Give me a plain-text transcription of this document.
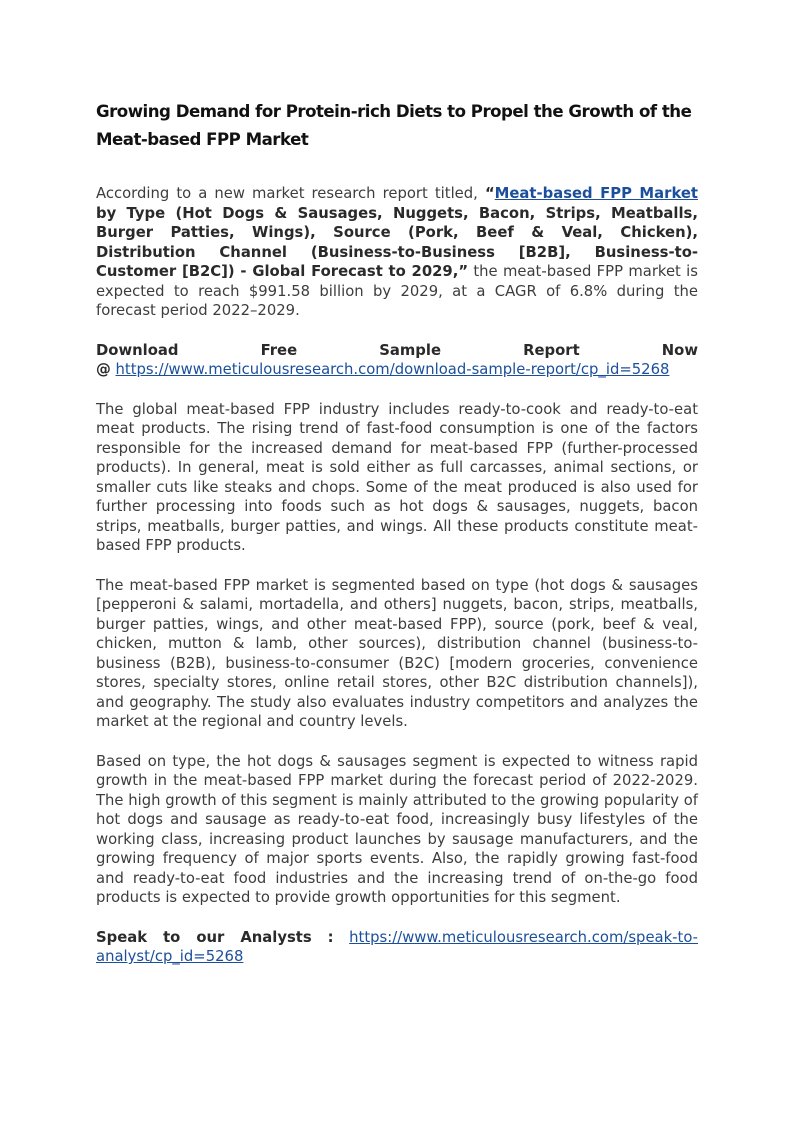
Growing Demand for Protein-rich Diets to Propel the Growth of the Meat-based FPP Market

According to a new market research report titled, “Meat-based FPP Market by Type (Hot Dogs & Sausages, Nuggets, Bacon, Strips, Meatballs, Burger Patties, Wings), Source (Pork, Beef & Veal, Chicken), Distribution Channel (Business-to-Business [B2B], Business-to-Customer [B2C]) - Global Forecast to 2029,” the meat-based FPP market is expected to reach $991.58 billion by 2029, at a CAGR of 6.8% during the forecast period 2022–2029.

Download	Free	Sample	Report	Now
@ https://www.meticulousresearch.com/download-sample-report/cp_id=5268

The global meat-based FPP industry includes ready-to-cook and ready-to-eat meat products. The rising trend of fast-food consumption is one of the factors responsible for the increased demand for meat-based FPP (further-processed products). In general, meat is sold either as full carcasses, animal sections, or smaller cuts like steaks and chops. Some of the meat produced is also used for further processing into foods such as hot dogs & sausages, nuggets, bacon strips, meatballs, burger patties, and wings. All these products constitute meat-based FPP products.

The meat-based FPP market is segmented based on type (hot dogs & sausages [pepperoni & salami, mortadella, and others] nuggets, bacon, strips, meatballs, burger patties, wings, and other meat-based FPP), source (pork, beef & veal, chicken, mutton & lamb, other sources), distribution channel (business-to-business (B2B), business-to-consumer (B2C) [modern groceries, convenience stores, specialty stores, online retail stores, other B2C distribution channels]), and geography. The study also evaluates industry competitors and analyzes the market at the regional and country levels.

Based on type, the hot dogs & sausages segment is expected to witness rapid growth in the meat-based FPP market during the forecast period of 2022-2029. The high growth of this segment is mainly attributed to the growing popularity of hot dogs and sausage as ready-to-eat food, increasingly busy lifestyles of the working class, increasing product launches by sausage manufacturers, and the growing frequency of major sports events. Also, the rapidly growing fast-food and ready-to-eat food industries and the increasing trend of on-the-go food products is expected to provide growth opportunities for this segment.

Speak to our Analysts : https://www.meticulousresearch.com/speak-to-analyst/cp_id=5268
